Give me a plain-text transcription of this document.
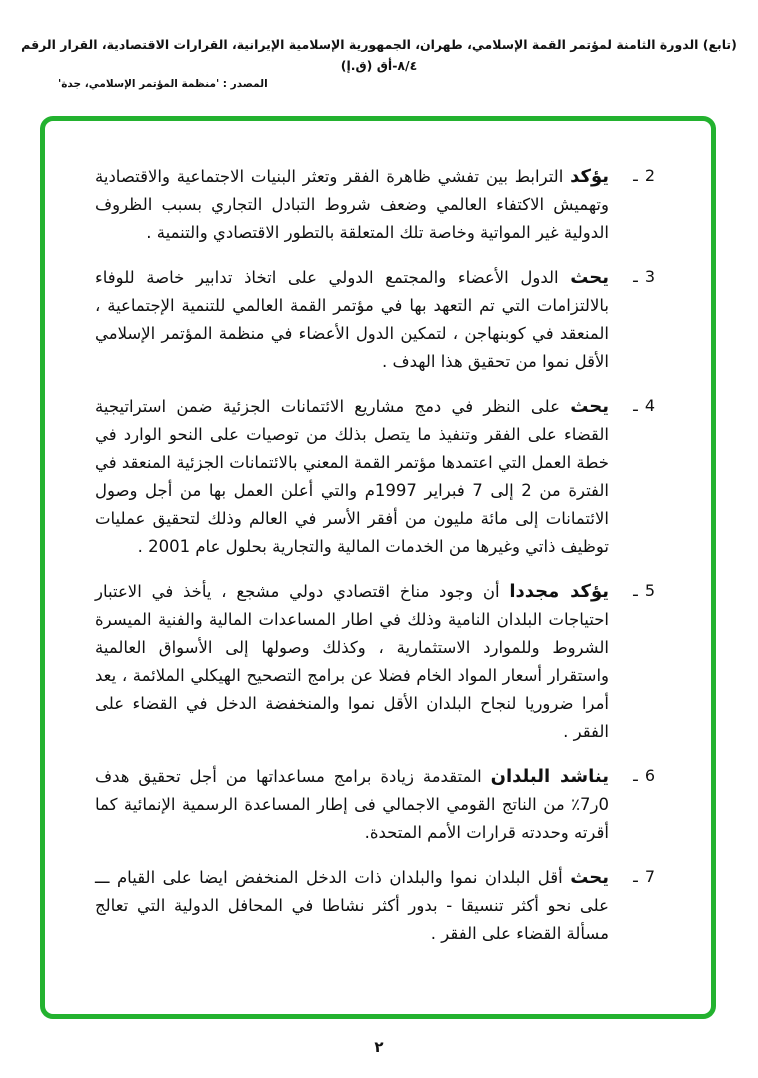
(تابع) الدورة الثامنة لمؤتمر القمة الإسلامي، طهران، الجمهورية الإسلامية الإيرانية، القرارات الاقتصادية، القرار الرقم ٨/٤-أق (ق.إ)
المصدر : 'منظمة المؤتمر الإسلامي، جدة'
2
ـ
يؤكد الترابط بين تفشي ظاهرة الفقر وتعثر البنيات الاجتماعية والاقتصادية وتهميش الاكتفاء العالمي وضعف شروط التبادل التجاري بسبب الظروف الدولية غير المواتية وخاصة تلك المتعلقة بالتطور الاقتصادي والتنمية .
3
ـ
يحث الدول الأعضاء والمجتمع الدولي على اتخاذ تدابير خاصة للوفاء بالالتزامات التي تم التعهد بها في مؤتمر القمة العالمي للتنمية الإجتماعية ، المنعقد في كوبنهاجن ، لتمكين الدول الأعضاء في منظمة المؤتمر الإسلامي الأقل نموا من تحقيق هذا الهدف .
4
ـ
يحث على النظر في دمج مشاريع الائتمانات الجزئية ضمن استراتيجية القضاء على الفقر وتنفيذ ما يتصل بذلك من توصيات على النحو الوارد في خطة العمل التي اعتمدها مؤتمر القمة المعني بالائتمانات الجزئية المنعقد في الفترة من 2 إلى 7 فبراير 1997م والتي أعلن العمل بها من أجل وصول الائتمانات إلى مائة مليون من أفقر الأسر في العالم وذلك لتحقيق عمليات توظيف ذاتي وغيرها من الخدمات المالية والتجارية بحلول عام 2001 .
5
ـ
يؤكد مجددا أن وجود مناخ اقتصادي دولي مشجع ، يأخذ في الاعتبار احتياجات البلدان النامية وذلك في اطار المساعدات المالية والفنية الميسرة الشروط وللموارد الاستثمارية ، وكذلك وصولها إلى الأسواق العالمية واستقرار أسعار المواد الخام فضلا عن برامج التصحيح الهيكلي الملائمة ، يعد أمرا ضروريا لنجاح البلدان الأقل نموا والمنخفضة الدخل في القضاء على الفقر .
6
ـ
يناشد البلدان المتقدمة زيادة برامج مساعداتها من أجل تحقيق هدف 0ر7٪ من الناتج القومي الاجمالي فى إطار المساعدة الرسمية الإنمائية كما أقرته وحددته قرارات الأمم المتحدة.
7
ـ
يحث أقل البلدان نموا والبلدان ذات الدخل المنخفض ايضا على القيام ـــ على نحو أكثر تنسيقا - بدور أكثر نشاطا في المحافل الدولية التي تعالج مسألة القضاء على الفقر .
٢
